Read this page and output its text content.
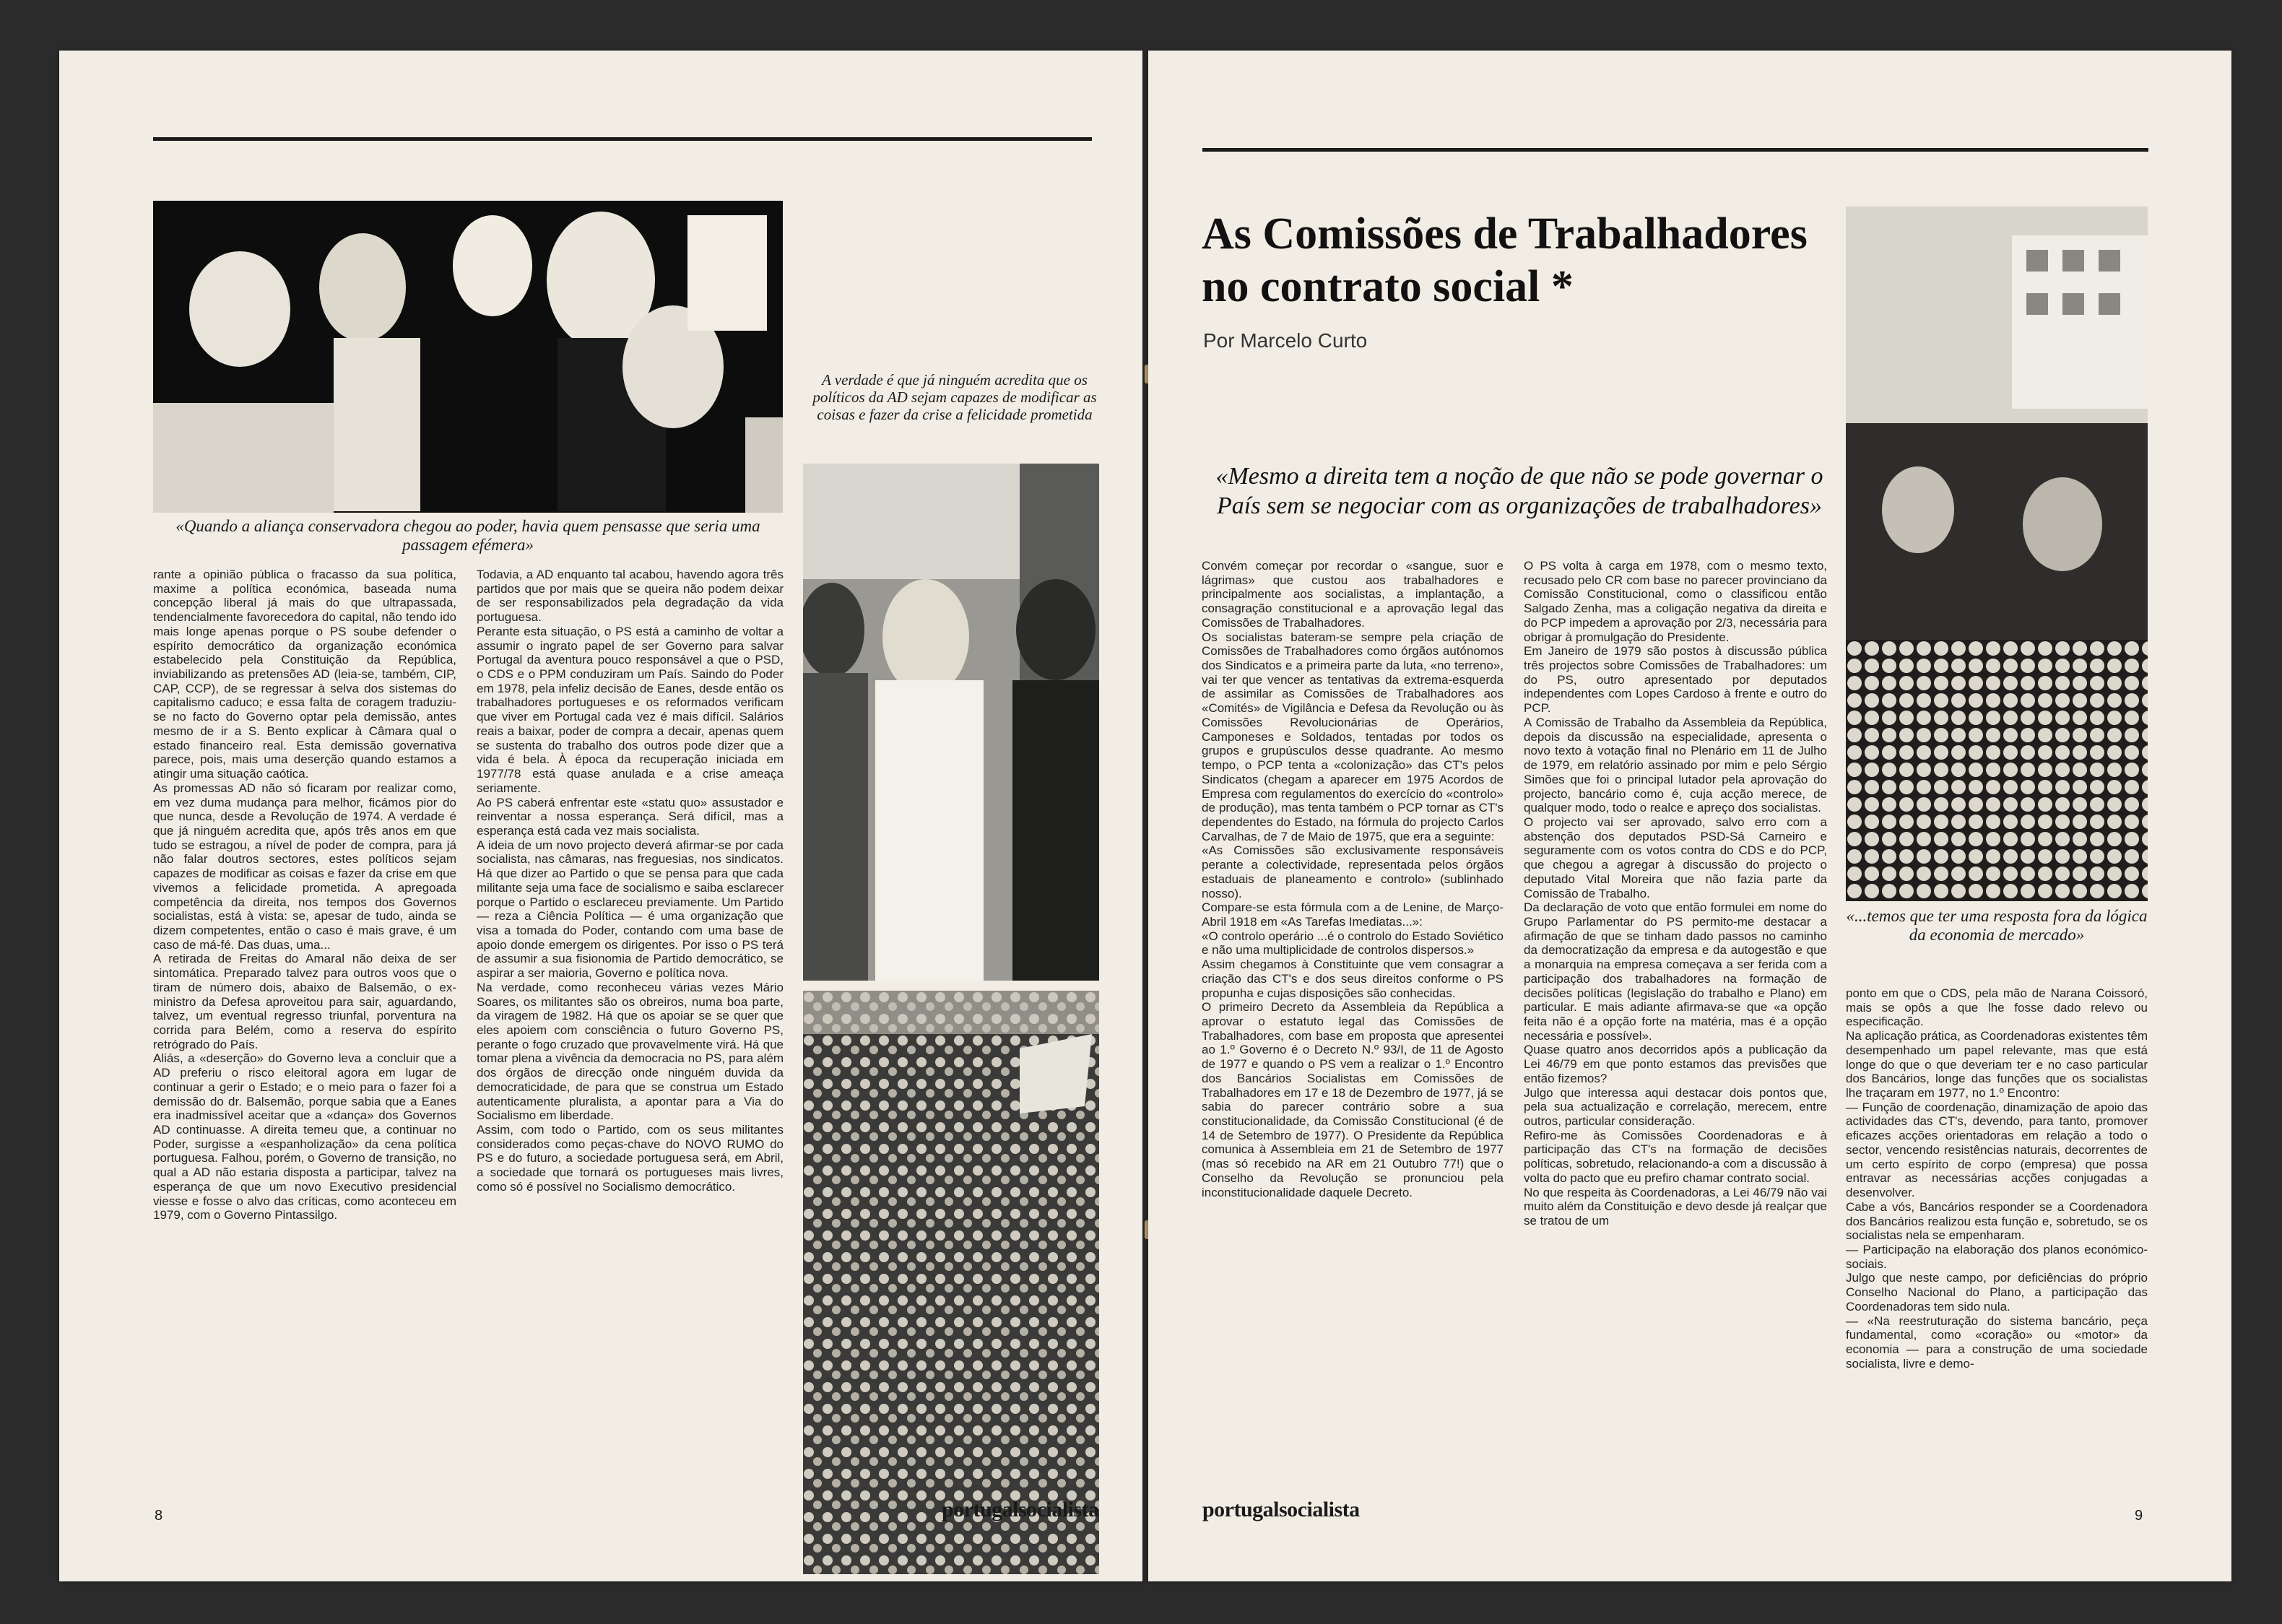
«Quando a aliança conservadora chegou ao poder, havia quem pensasse que seria uma passagem efémera»
A verdade é que já ninguém acredita que os políticos da AD sejam capazes de modificar as coisas e fazer da crise a felicidade prometida
rante a opinião pública o fracasso da sua política, maxime a política económica, baseada numa concepção liberal já mais do que ultrapassada, tendencialmente favorecedora do capital, não tendo ido mais longe apenas porque o PS soube defender o espírito democrático da organização económica estabelecido pela Constituição da República, inviabilizando as pretensões AD (leia-se, também, CIP, CAP, CCP), de se regressar à selva dos sistemas do capitalismo caduco; e essa falta de coragem traduziu-se no facto do Governo optar pela demissão, antes mesmo de ir a S. Bento explicar à Câmara qual o estado financeiro real. Esta demissão governativa parece, pois, mais uma deserção quando estamos a atingir uma situação caótica.
As promessas AD não só ficaram por realizar como, em vez duma mudança para melhor, ficámos pior do que nunca, desde a Revolução de 1974. A verdade é que já ninguém acredita que, após três anos em que tudo se estragou, a nível de poder de compra, para já não falar doutros sectores, estes políticos sejam capazes de modificar as coisas e fazer da crise em que vivemos a felicidade prometida. A apregoada competência da direita, nos tempos dos Governos socialistas, está à vista: se, apesar de tudo, ainda se dizem competentes, então o caso é mais grave, é um caso de má-fé. Das duas, uma...
A retirada de Freitas do Amaral não deixa de ser sintomática. Preparado talvez para outros voos que o tiram de número dois, abaixo de Balsemão, o ex-ministro da Defesa aproveitou para sair, aguardando, talvez, um eventual regresso triunfal, porventura na corrida para Belém, como a reserva do espírito retrógrado do País.
Aliás, a «deserção» do Governo leva a concluir que a AD preferiu o risco eleitoral agora em lugar de continuar a gerir o Estado; e o meio para o fazer foi a demissão do dr. Balsemão, porque sabia que a Eanes era inadmissível aceitar que a «dança» dos Governos AD continuasse. A direita temeu que, a continuar no Poder, surgisse a «espanholização» da cena política portuguesa. Falhou, porém, o Governo de transição, no qual a AD não estaria disposta a participar, talvez na esperança de que um novo Executivo presidencial viesse e fosse o alvo das críticas, como aconteceu em 1979, com o Governo Pintassilgo.
Todavia, a AD enquanto tal acabou, havendo agora três partidos que por mais que se queira não podem deixar de ser responsabilizados pela degradação da vida portuguesa.
Perante esta situação, o PS está a caminho de voltar a assumir o ingrato papel de ser Governo para salvar Portugal da aventura pouco responsável a que o PSD, o CDS e o PPM conduziram um País. Saindo do Poder em 1978, pela infeliz decisão de Eanes, desde então os trabalhadores portugueses e os reformados verificam que viver em Portugal cada vez é mais difícil. Salários reais a baixar, poder de compra a decair, apenas quem se sustenta do trabalho dos outros pode dizer que a vida é bela. À época da recuperação iniciada em 1977/78 está quase anulada e a crise ameaça seriamente.
Ao PS caberá enfrentar este «statu quo» assustador e reinventar a nossa esperança. Será difícil, mas a esperança está cada vez mais socialista.
A ideia de um novo projecto deverá afirmar-se por cada socialista, nas câmaras, nas freguesias, nos sindicatos. Há que dizer ao Partido o que se pensa para que cada militante seja uma face de socialismo e saiba esclarecer porque o Partido o esclareceu previamente. Um Partido — reza a Ciência Política — é uma organização que visa a tomada do Poder, contando com uma base de apoio donde emergem os dirigentes. Por isso o PS terá de assumir a sua fisionomia de Partido democrático, se aspirar a ser maioria, Governo e política nova.
Na verdade, como reconheceu várias vezes Mário Soares, os militantes são os obreiros, numa boa parte, da viragem de 1982. Há que os apoiar se se quer que eles apoiem com consciência o futuro Governo PS, perante o fogo cruzado que provavelmente virá. Há que tomar plena a vivência da democracia no PS, para além dos órgãos de direcção onde ninguém duvida da democraticidade, de para que se construa um Estado autenticamente pluralista, a apontar para a Via do Socialismo em liberdade.
Assim, com todo o Partido, com os seus militantes considerados como peças-chave do NOVO RUMO do PS e do futuro, a sociedade portuguesa será, em Abril, a sociedade que tornará os portugueses mais livres, como só é possível no Socialismo democrático.
8	portugalsocialista
As Comissões de Trabalhadores no contrato social *
Por Marcelo Curto
«Mesmo a direita tem a noção de que não se pode governar o País sem se negociar com as organizações de trabalhadores»
«...temos que ter uma resposta fora da lógica da economia de mercado»
Convém começar por recordar o «sangue, suor e lágrimas» que custou aos trabalhadores e principalmente aos socialistas, a implantação, a consagração constitucional e a aprovação legal das Comissões de Trabalhadores.
Os socialistas bateram-se sempre pela criação de Comissões de Trabalhadores como órgãos autónomos dos Sindicatos e a primeira parte da luta, «no terreno», vai ter que vencer as tentativas da extrema-esquerda de assimilar as Comissões de Trabalhadores aos «Comités» de Vigilância e Defesa da Revolução ou às Comissões Revolucionárias de Operários, Camponeses e Soldados, tentadas por todos os grupos e grupúsculos desse quadrante. Ao mesmo tempo, o PCP tenta a «colonização» das CT's pelos Sindicatos (chegam a aparecer em 1975 Acordos de Empresa com regulamentos do exercício do «controlo» de produção), mas tenta também o PCP tornar as CT's dependentes do Estado, na fórmula do projecto Carlos Carvalhas, de 7 de Maio de 1975, que era a seguinte:
«As Comissões são exclusivamente responsáveis perante a colectividade, representada pelos órgãos estaduais de planeamento e controlo» (sublinhado nosso).
Compare-se esta fórmula com a de Lenine, de Março-Abril 1918 em «As Tarefas Imediatas...»:
«O controlo operário ...é o controlo do Estado Soviético e não uma multiplicidade de controlos dispersos.»
Assim chegamos à Constituinte que vem consagrar a criação das CT's e dos seus direitos conforme o PS propunha e cujas disposições são conhecidas.
O primeiro Decreto da Assembleia da República a aprovar o estatuto legal das Comissões de Trabalhadores, com base em proposta que apresentei ao 1.º Governo é o Decreto N.º 93/I, de 11 de Agosto de 1977 e quando o PS vem a realizar o 1.º Encontro dos Bancários Socialistas em Comissões de Trabalhadores em 17 e 18 de Dezembro de 1977, já se sabia do parecer contrário sobre a sua constitucionalidade, da Comissão Constitucional (é de 14 de Setembro de 1977). O Presidente da República comunica à Assembleia em 21 de Setembro de 1977 (mas só recebido na AR em 21 Outubro 77!) que o Conselho da Revolução se pronunciou pela inconstitucionalidade daquele Decreto.
O PS volta à carga em 1978, com o mesmo texto, recusado pelo CR com base no parecer provinciano da Comissão Constitucional, como o classificou então Salgado Zenha, mas a coligação negativa da direita e do PCP impedem a aprovação por 2/3, necessária para obrigar à promulgação do Presidente.
Em Janeiro de 1979 são postos à discussão pública três projectos sobre Comissões de Trabalhadores: um do PS, outro apresentado por deputados independentes com Lopes Cardoso à frente e outro do PCP.
A Comissão de Trabalho da Assembleia da República, depois da discussão na especialidade, apresenta o novo texto à votação final no Plenário em 11 de Julho de 1979, em relatório assinado por mim e pelo Sérgio Simões que foi o principal lutador pela aprovação do projecto, bancário como é, cuja acção merece, de qualquer modo, todo o realce e apreço dos socialistas.
O projecto vai ser aprovado, salvo erro com a abstenção dos deputados PSD-Sá Carneiro e seguramente com os votos contra do CDS e do PCP, que chegou a agregar à discussão do projecto o deputado Vital Moreira que não fazia parte da Comissão de Trabalho.
Da declaração de voto que então formulei em nome do Grupo Parlamentar do PS permito-me destacar a afirmação de que se tinham dado passos no caminho da democratização da empresa e da autogestão e que a monarquia na empresa começava a ser ferida com a participação dos trabalhadores na formação de decisões políticas (legislação do trabalho e Plano) em particular. E mais adiante afirmava-se que «a opção feita não é a opção forte na matéria, mas é a opção necessária e possível».
Quase quatro anos decorridos após a publicação da Lei 46/79 em que ponto estamos das previsões que então fizemos?
Julgo que interessa aqui destacar dois pontos que, pela sua actualização e correlação, merecem, entre outros, particular consideração.
Refiro-me às Comissões Coordenadoras e à participação das CT's na formação de decisões políticas, sobretudo, relacionando-a com a discussão à volta do pacto que eu prefiro chamar contrato social.
No que respeita às Coordenadoras, a Lei 46/79 não vai muito além da Constituição e devo desde já realçar que se tratou de um
ponto em que o CDS, pela mão de Narana Coissoró, mais se opôs a que lhe fosse dado relevo ou especificação.
Na aplicação prática, as Coordenadoras existentes têm desempenhado um papel relevante, mas que está longe do que o que deveriam ter e no caso particular dos Bancários, longe das funções que os socialistas lhe traçaram em 1977, no 1.º Encontro:
— Função de coordenação, dinamização de apoio das actividades das CT's, devendo, para tanto, promover eficazes acções orientadoras em relação a todo o sector, vencendo resistências naturais, decorrentes de um certo espírito de corpo (empresa) que possa entravar as necessárias acções conjugadas a desenvolver.
Cabe a vós, Bancários responder se a Coordenadora dos Bancários realizou esta função e, sobretudo, se os socialistas nela se empenharam.
— Participação na elaboração dos planos económico-sociais.
Julgo que neste campo, por deficiências do próprio Conselho Nacional do Plano, a participação das Coordenadoras tem sido nula.
— «Na reestruturação do sistema bancário, peça fundamental, como «coração» ou «motor» da economia — para a construção de uma sociedade socialista, livre e demo-
portugalsocialista	9
